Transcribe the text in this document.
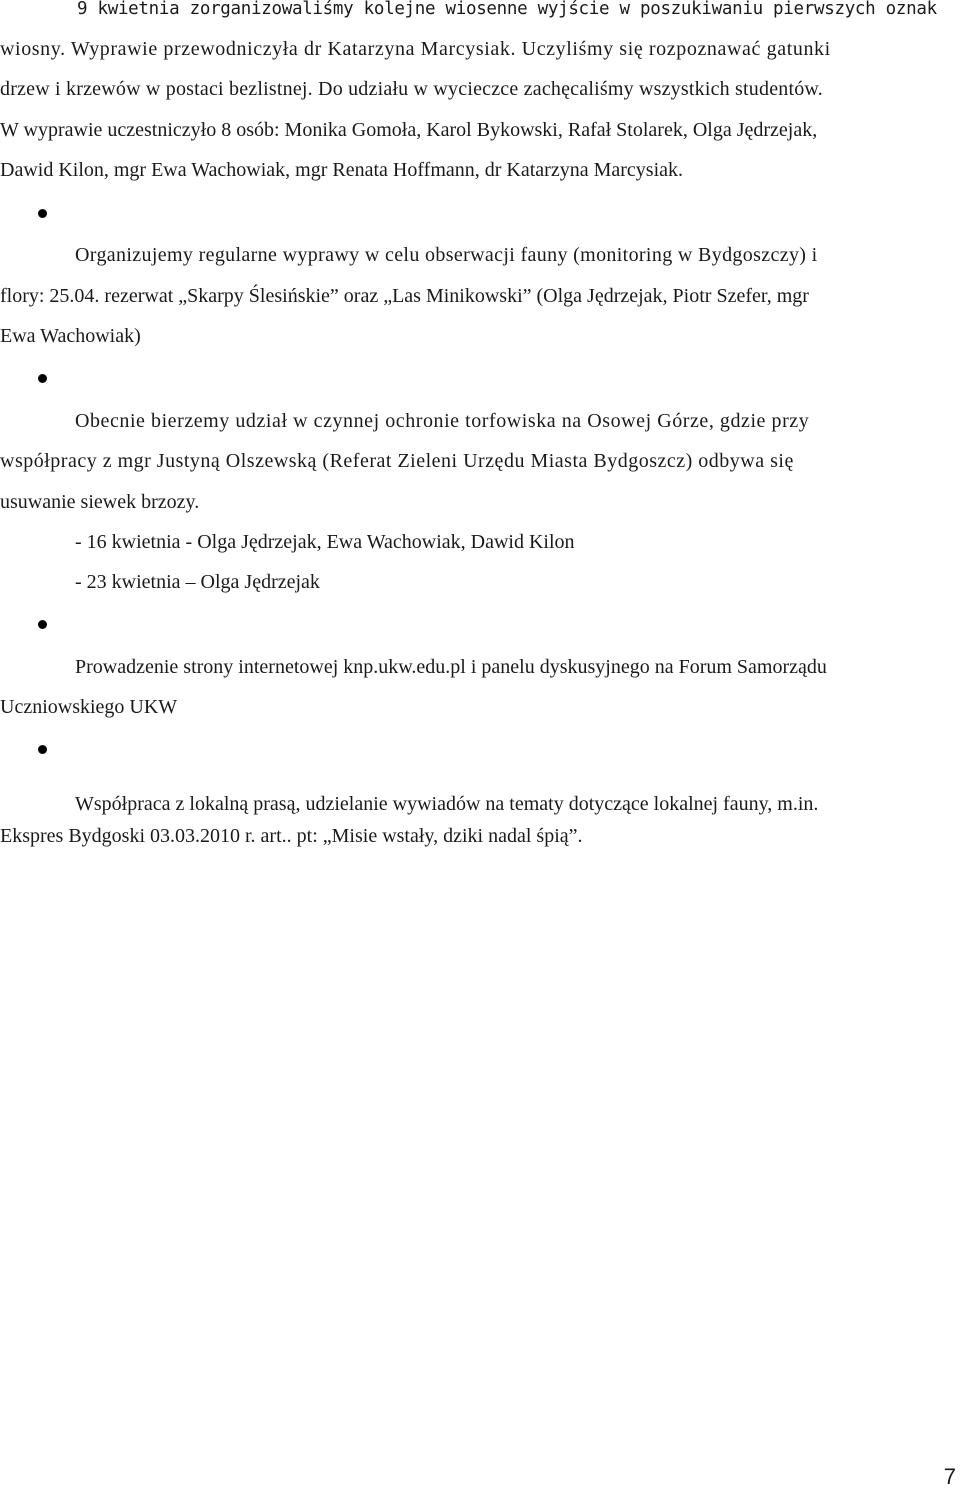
9 kwietnia zorganizowaliśmy kolejne wiosenne wyjście w poszukiwaniu pierwszych oznak
wiosny. Wyprawie przewodniczyła dr Katarzyna Marcysiak. Uczyliśmy się rozpoznawać gatunki
drzew i krzewów w postaci bezlistnej. Do udziału w wycieczce zachęcaliśmy wszystkich studentów.
W wyprawie uczestniczyło 8 osób: Monika Gomoła, Karol Bykowski, Rafał Stolarek, Olga Jędrzejak,
Dawid Kilon, mgr Ewa Wachowiak, mgr Renata Hoffmann, dr Katarzyna Marcysiak.
Organizujemy regularne wyprawy w celu obserwacji fauny (monitoring w Bydgoszczy) i
flory: 25.04. rezerwat „Skarpy Ślesińskie” oraz „Las Minikowski” (Olga Jędrzejak, Piotr Szefer, mgr
Ewa Wachowiak)
Obecnie bierzemy udział w czynnej ochronie torfowiska na Osowej Górze, gdzie przy
współpracy z mgr Justyną Olszewską (Referat Zieleni Urzędu Miasta Bydgoszcz) odbywa się
usuwanie siewek brzozy.
- 16 kwietnia - Olga Jędrzejak, Ewa Wachowiak, Dawid Kilon
- 23 kwietnia – Olga Jędrzejak
Prowadzenie strony internetowej knp.ukw.edu.pl i panelu dyskusyjnego na Forum Samorządu
Uczniowskiego UKW
Współpraca z lokalną prasą, udzielanie wywiadów na tematy dotyczące lokalnej fauny, m.in.
Ekspres Bydgoski 03.03.2010 r. art.. pt: „Misie wstały, dziki nadal śpią”.
7
